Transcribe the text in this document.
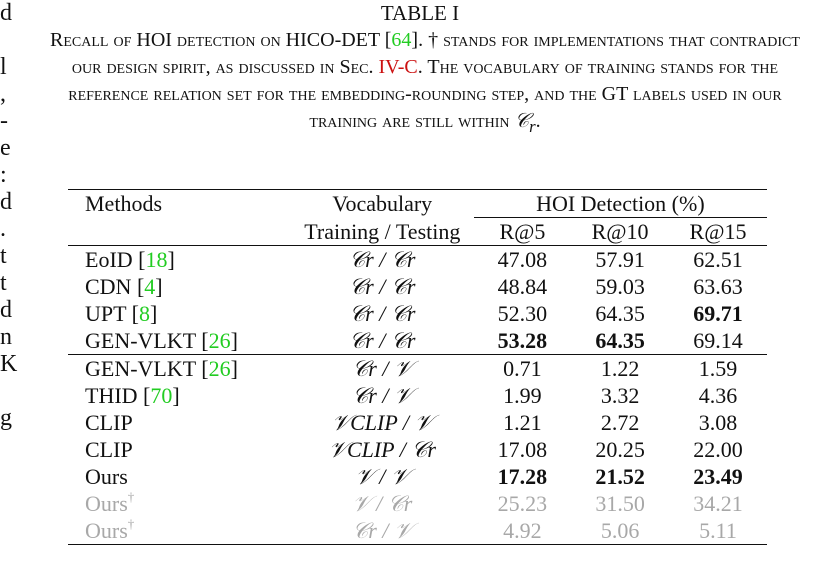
d
l
,
-
e
:
d
.
t
t
d
n
K
g
TABLE I
Recall of HOI detection on HICO-DET [64]. † stands for implementations that contradict our design spirit, as discussed in Sec. IV-C. The vocabulary of training stands for the reference relation set for the embedding-rounding step, and the GT labels used in our training are still within 𝒞$_r$.
Methods	Vocabulary	HOI Detection (%)		
	Training / Testing	R@5	R@10	R@15
EoID [18]	𝒞r / 𝒞r	47.08	57.91	62.51
CDN [4]	𝒞r / 𝒞r	48.84	59.03	63.63
UPT [8]	𝒞r / 𝒞r	52.30	64.35	69.71
GEN-VLKT [26]	𝒞r / 𝒞r	53.28	64.35	69.14
GEN-VLKT [26]	𝒞r / 𝒱	0.71	1.22	1.59
THID [70]	𝒞r / 𝒱	1.99	3.32	4.36
CLIP	𝒱CLIP / 𝒱	1.21	2.72	3.08
CLIP	𝒱CLIP / 𝒞r	17.08	20.25	22.00
Ours	𝒱 / 𝒱	17.28	21.52	23.49
Ours†	𝒱 / 𝒞r	25.23	31.50	34.21
Ours†	𝒞r / 𝒱	4.92	5.06	5.11
